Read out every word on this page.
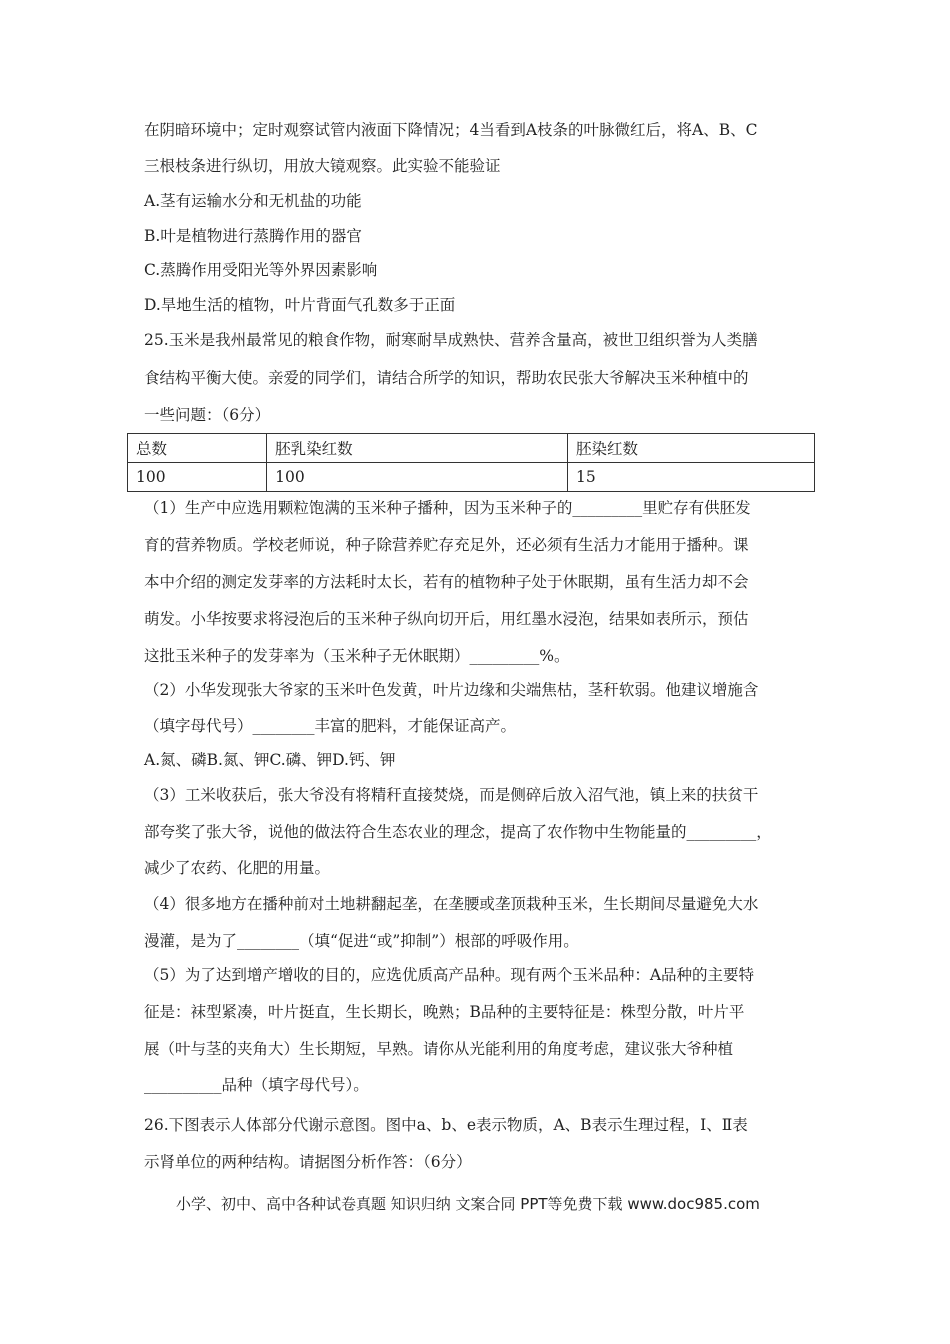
在阴暗环境中；定时观察试管内液面下降情况；4当看到A枝条的叶脉微红后，将A、B、C
三根枝条进行纵切，用放大镜观察。此实验不能验证
A.茎有运输水分和无机盐的功能
B.叶是植物进行蒸腾作用的器官
C.蒸腾作用受阳光等外界因素影响
D.旱地生活的植物，叶片背面气孔数多于正面
25.玉米是我州最常见的粮食作物，耐寒耐旱成熟快、营养含量高，被世卫组织誉为人类膳
食结构平衡大使。亲爱的同学们，请结合所学的知识，帮助农民张大爷解决玉米种植中的
一些问题：（6分）
总数	胚乳染红数	胚染红数
100	100	15
（1）生产中应选用颗粒饱满的玉米种子播种，因为玉米种子的_________里贮存有供胚发
育的营养物质。学校老师说，种子除营养贮存充足外，还必须有生活力才能用于播种。课
本中介绍的测定发芽率的方法耗时太长，若有的植物种子处于休眠期，虽有生活力却不会
萌发。小华按要求将浸泡后的玉米种子纵向切开后，用红墨水浸泡，结果如表所示，预估
这批玉米种子的发芽率为（玉米种子无休眠期）_________%。
（2）小华发现张大爷家的玉米叶色发黄，叶片边缘和尖端焦枯，茎秆软弱。他建议增施含
（填字母代号）________丰富的肥料，才能保证高产。
A.氮、磷B.氮、钾C.磷、钾D.钙、钾
（3）工米收获后，张大爷没有将精秆直接焚烧，而是侧碎后放入沼气池，镇上来的扶贫干
部夸奖了张大爷，说他的做法符合生态农业的理念，提高了农作物中生物能量的_________，
减少了农药、化肥的用量。
（4）很多地方在播种前对土地耕翻起垄，在垄腰或垄顶栽种玉米，生长期间尽量避免大水
漫灌，是为了________（填“促进“或”抑制”）根部的呼吸作用。
（5）为了达到增产增收的目的，应选优质高产品种。现有两个玉米品种：A品种的主要特
征是：袜型紧凑，叶片挺直，生长期长，晚熟；B品种的主要特征是：株型分散，叶片平
展（叶与茎的夹角大）生长期短，早熟。请你从光能利用的角度考虑，建议张大爷种植
__________品种（填字母代号）。
26.下图表示人体部分代谢示意图。图中a、b、e表示物质，A、B表示生理过程，I、Ⅱ表
示肾单位的两种结构。请据图分析作答：（6分）
小学、初中、高中各种试卷真题 知识归纳 文案合同 PPT等免费下载 www.doc985.com
